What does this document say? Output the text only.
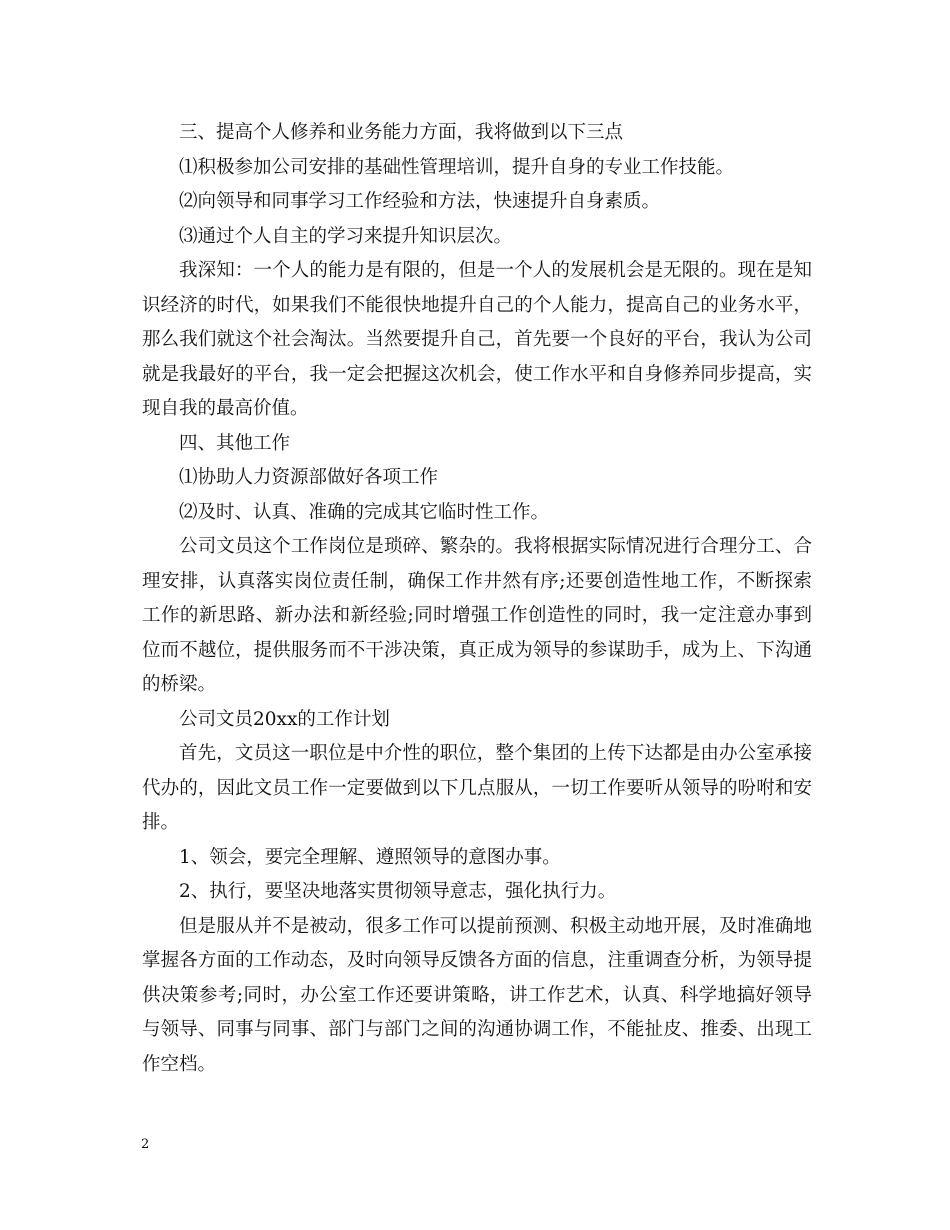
三、提高个人修养和业务能力方面，我将做到以下三点

⑴积极参加公司安排的基础性管理培训，提升自身的专业工作技能。

⑵向领导和同事学习工作经验和方法，快速提升自身素质。

⑶通过个人自主的学习来提升知识层次。

我深知：一个人的能力是有限的，但是一个人的发展机会是无限的。现在是知识经济的时代，如果我们不能很快地提升自己的个人能力，提高自己的业务水平，那么我们就这个社会淘汰。当然要提升自己，首先要一个良好的平台，我认为公司就是我最好的平台，我一定会把握这次机会，使工作水平和自身修养同步提高，实现自我的最高价值。

四、其他工作

⑴协助人力资源部做好各项工作

⑵及时、认真、准确的完成其它临时性工作。

公司文员这个工作岗位是琐碎、繁杂的。我将根据实际情况进行合理分工、合理安排，认真落实岗位责任制，确保工作井然有序;还要创造性地工作，不断探索工作的新思路、新办法和新经验;同时增强工作创造性的同时，我一定注意办事到位而不越位，提供服务而不干涉决策，真正成为领导的参谋助手，成为上、下沟通的桥梁。

公司文员20xx的工作计划

首先，文员这一职位是中介性的职位，整个集团的上传下达都是由办公室承接代办的，因此文员工作一定要做到以下几点服从，一切工作要听从领导的吩咐和安排。

1、领会，要完全理解、遵照领导的意图办事。

2、执行，要坚决地落实贯彻领导意志，强化执行力。

但是服从并不是被动，很多工作可以提前预测、积极主动地开展，及时准确地掌握各方面的工作动态，及时向领导反馈各方面的信息，注重调查分析，为领导提供决策参考;同时，办公室工作还要讲策略，讲工作艺术，认真、科学地搞好领导与领导、同事与同事、部门与部门之间的沟通协调工作，不能扯皮、推委、出现工作空档。

2
